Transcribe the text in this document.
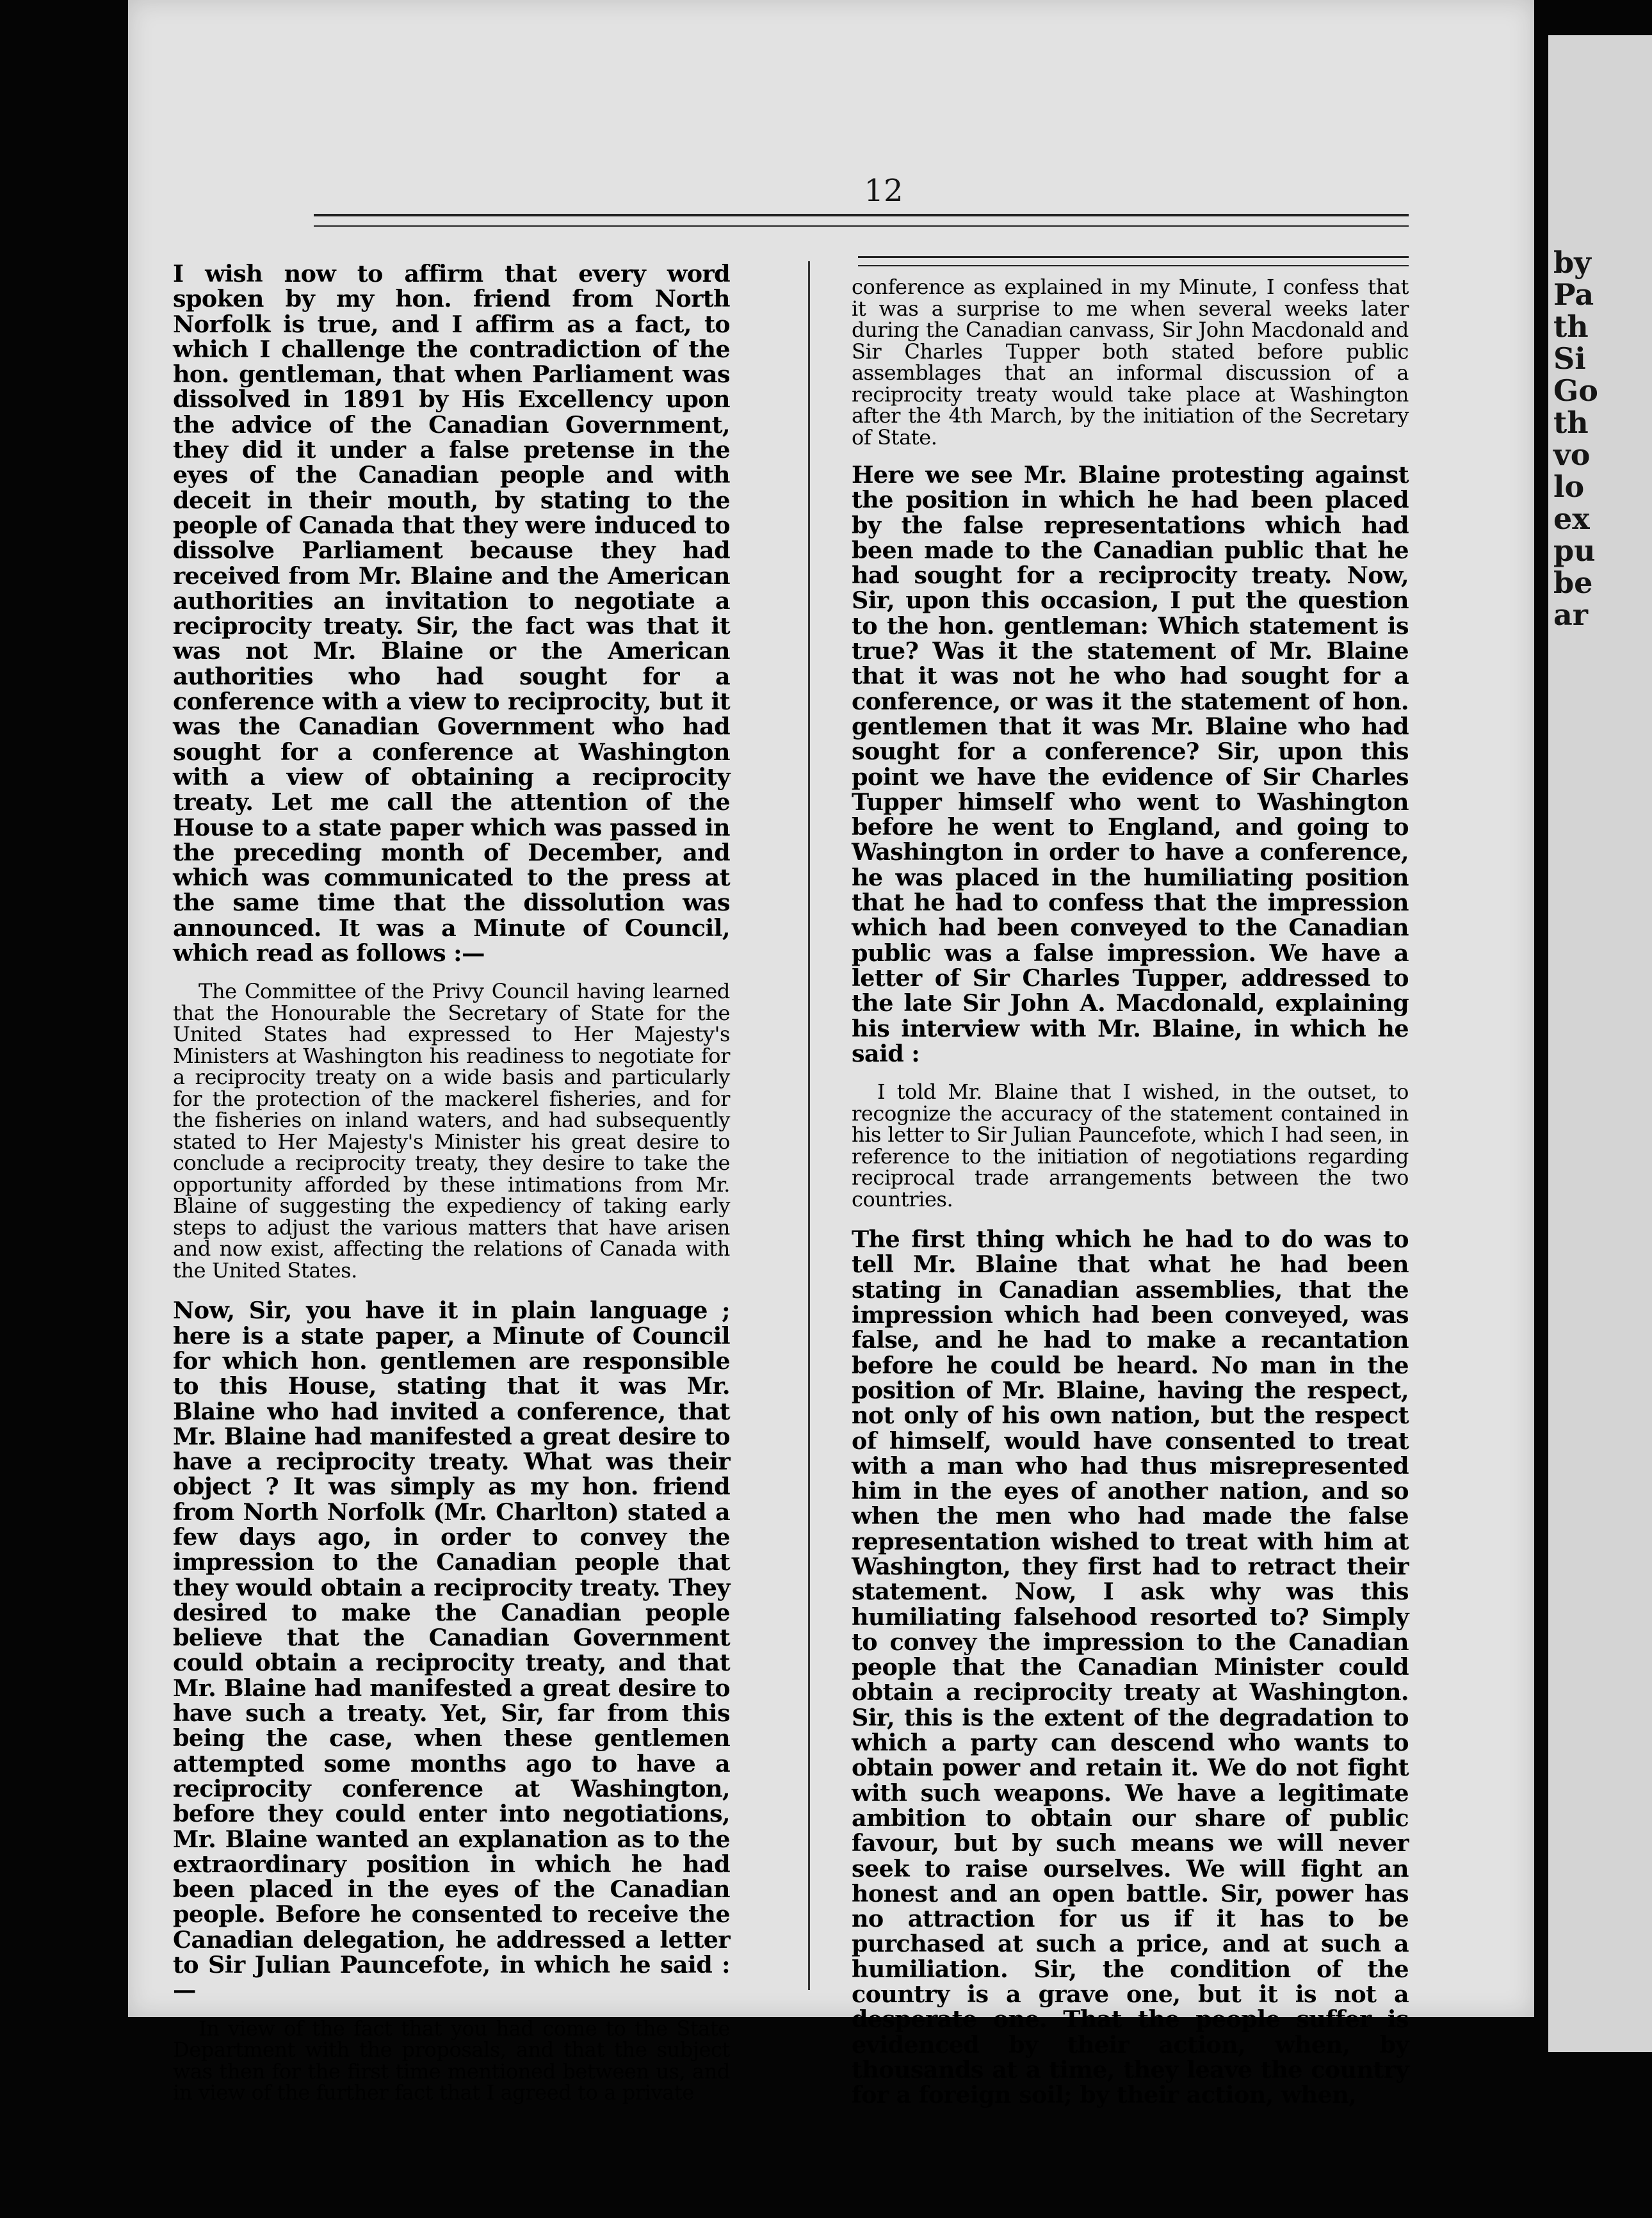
12

I wish now to affirm that every word spoken by my hon. friend from North Norfolk is true, and I affirm as a fact, to which I challenge the contradiction of the hon. gentleman, that when Parliament was dissolved in 1891 by His Excellency upon the advice of the Canadian Government, they did it under a false pretense in the eyes of the Canadian people and with deceit in their mouth, by stating to the people of Canada that they were induced to dissolve Parliament because they had received from Mr. Blaine and the American authorities an invitation to negotiate a reciprocity treaty. Sir, the fact was that it was not Mr. Blaine or the American authorities who had sought for a conference with a view to reciprocity, but it was the Canadian Government who had sought for a conference at Washington with a view of obtaining a reciprocity treaty. Let me call the attention of the House to a state paper which was passed in the preceding month of December, and which was communicated to the press at the same time that the dissolution was announced. It was a Minute of Council, which read as follows :—

The Committee of the Privy Council having learned that the Honourable the Secretary of State for the United States had expressed to Her Majesty's Ministers at Washington his readiness to negotiate for a reciprocity treaty on a wide basis and particularly for the protection of the mackerel fisheries, and for the fisheries on inland waters, and had subsequently stated to Her Majesty's Minister his great desire to conclude a reciprocity treaty, they desire to take the opportunity afforded by these intimations from Mr. Blaine of suggesting the expediency of taking early steps to adjust the various matters that have arisen and now exist, affecting the relations of Canada with the United States.

Now, Sir, you have it in plain language ; here is a state paper, a Minute of Council for which hon. gentlemen are responsible to this House, stating that it was Mr. Blaine who had invited a conference, that Mr. Blaine had manifested a great desire to have a reciprocity treaty. What was their object ? It was simply as my hon. friend from North Norfolk (Mr. Charlton) stated a few days ago, in order to convey the impression to the Canadian people that they would obtain a reciprocity treaty. They desired to make the Canadian people believe that the Canadian Government could obtain a reciprocity treaty, and that Mr. Blaine had manifested a great desire to have such a treaty. Yet, Sir, far from this being the case, when these gentlemen attempted some months ago to have a reciprocity conference at Washington, before they could enter into negotiations, Mr. Blaine wanted an explanation as to the extraordinary position in which he had been placed in the eyes of the Canadian people. Before he consented to receive the Canadian delegation, he addressed a letter to Sir Julian Pauncefote, in which he said :—

In view of the fact that you had come to the State Department with the proposals, and that the subject was then for the first time mentioned between us, and in view of the further fact that I agreed to a private

conference as explained in my Minute, I confess that it was a surprise to me when several weeks later during the Canadian canvass, Sir John Macdonald and Sir Charles Tupper both stated before public assemblages that an informal discussion of a reciprocity treaty would take place at Washington after the 4th March, by the initiation of the Secretary of State.

Here we see Mr. Blaine protesting against the position in which he had been placed by the false representations which had been made to the Canadian public that he had sought for a reciprocity treaty. Now, Sir, upon this occasion, I put the question to the hon. gentleman: Which statement is true? Was it the statement of Mr. Blaine that it was not he who had sought for a conference, or was it the statement of hon. gentlemen that it was Mr. Blaine who had sought for a conference? Sir, upon this point we have the evidence of Sir Charles Tupper himself who went to Washington before he went to England, and going to Washington in order to have a conference, he was placed in the humiliating position that he had to confess that the impression which had been conveyed to the Canadian public was a false impression. We have a letter of Sir Charles Tupper, addressed to the late Sir John A. Macdonald, explaining his interview with Mr. Blaine, in which he said :

I told Mr. Blaine that I wished, in the outset, to recognize the accuracy of the statement contained in his letter to Sir Julian Pauncefote, which I had seen, in reference to the initiation of negotiations regarding reciprocal trade arrangements between the two countries.

The first thing which he had to do was to tell Mr. Blaine that what he had been stating in Canadian assemblies, that the impression which had been conveyed, was false, and he had to make a recantation before he could be heard. No man in the position of Mr. Blaine, having the respect, not only of his own nation, but the respect of himself, would have consented to treat with a man who had thus misrepresented him in the eyes of another nation, and so when the men who had made the false representation wished to treat with him at Washington, they first had to retract their statement. Now, I ask why was this humiliating falsehood resorted to? Simply to convey the impression to the Canadian people that the Canadian Minister could obtain a reciprocity treaty at Washington. Sir, this is the extent of the degradation to which a party can descend who wants to obtain power and retain it. We do not fight with such weapons. We have a legitimate ambition to obtain our share of public favour, but by such means we will never seek to raise ourselves. We will fight an honest and an open battle. Sir, power has no attraction for us if it has to be purchased at such a price, and at such a humiliation. Sir, the condition of the country is a grave one, but it is not a desperate one. That the people suffer is evidenced by their action, when, by thousands at a time, they leave the country for a foreign soil; by their action, when,

by
Pa
th
Si
Go
th
vo
lo
ex
pu
be
ar
